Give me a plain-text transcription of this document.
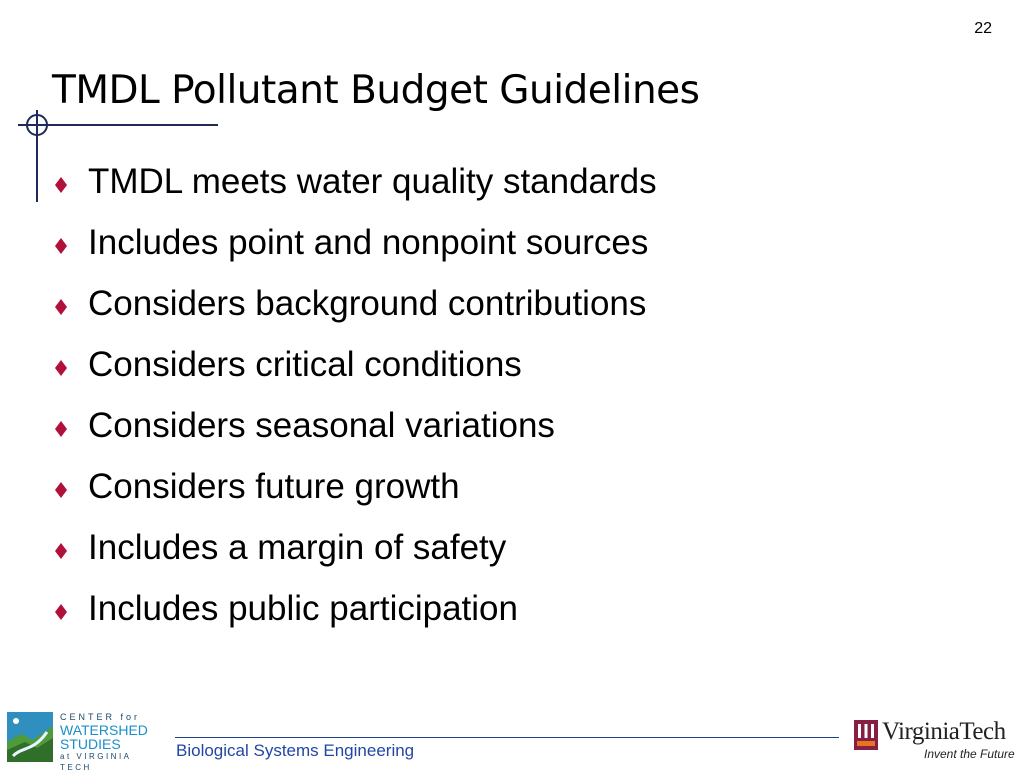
22
TMDL Pollutant Budget Guidelines
TMDL meets water quality standards
Includes point and nonpoint sources
Considers background contributions
Considers critical conditions
Considers seasonal variations
Considers future growth
Includes a margin of safety
Includes public participation
CENTER for
WATERSHED
STUDIES
at VIRGINIA TECH
Biological Systems Engineering
VirginiaTech
Invent the Future
